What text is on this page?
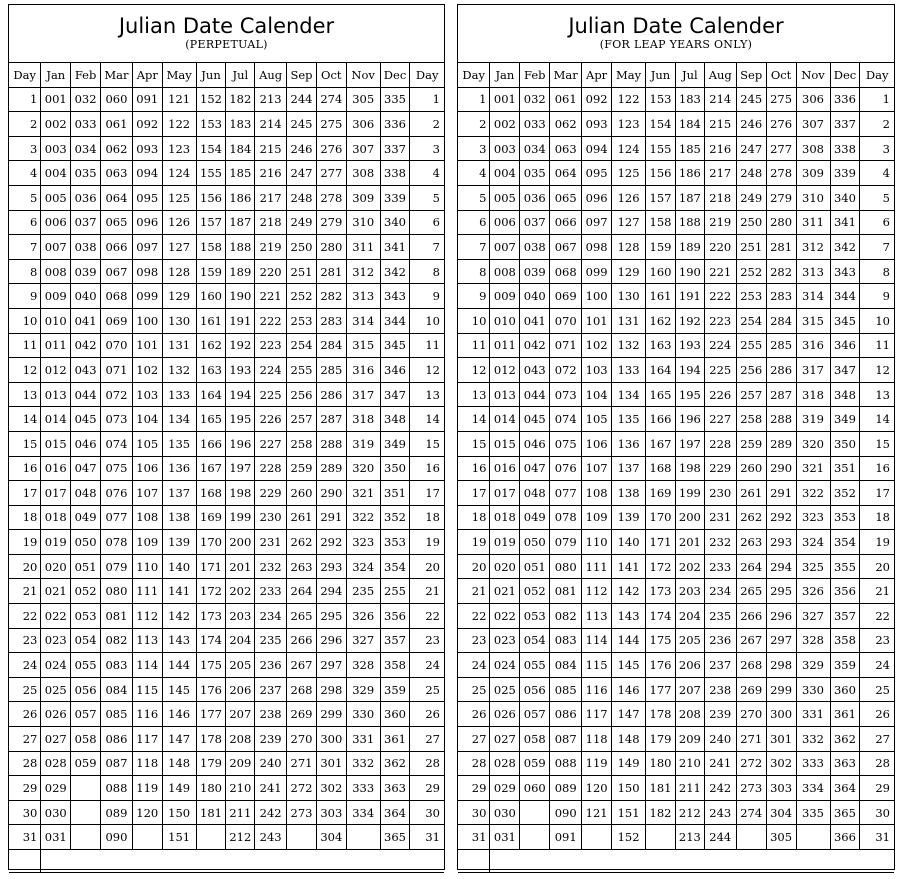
Julian Date Calender
(PERPETUAL)
Day	Jan	Feb	Mar	Apr	May	Jun	Jul	Aug	Sep	Oct	Nov	Dec	Day
1	001	032	060	091	121	152	182	213	244	274	305	335	1
2	002	033	061	092	122	153	183	214	245	275	306	336	2
3	003	034	062	093	123	154	184	215	246	276	307	337	3
4	004	035	063	094	124	155	185	216	247	277	308	338	4
5	005	036	064	095	125	156	186	217	248	278	309	339	5
6	006	037	065	096	126	157	187	218	249	279	310	340	6
7	007	038	066	097	127	158	188	219	250	280	311	341	7
8	008	039	067	098	128	159	189	220	251	281	312	342	8
9	009	040	068	099	129	160	190	221	252	282	313	343	9
10	010	041	069	100	130	161	191	222	253	283	314	344	10
11	011	042	070	101	131	162	192	223	254	284	315	345	11
12	012	043	071	102	132	163	193	224	255	285	316	346	12
13	013	044	072	103	133	164	194	225	256	286	317	347	13
14	014	045	073	104	134	165	195	226	257	287	318	348	14
15	015	046	074	105	135	166	196	227	258	288	319	349	15
16	016	047	075	106	136	167	197	228	259	289	320	350	16
17	017	048	076	107	137	168	198	229	260	290	321	351	17
18	018	049	077	108	138	169	199	230	261	291	322	352	18
19	019	050	078	109	139	170	200	231	262	292	323	353	19
20	020	051	079	110	140	171	201	232	263	293	324	354	20
21	021	052	080	111	141	172	202	233	264	294	235	255	21
22	022	053	081	112	142	173	203	234	265	295	326	356	22
23	023	054	082	113	143	174	204	235	266	296	327	357	23
24	024	055	083	114	144	175	205	236	267	297	328	358	24
25	025	056	084	115	145	176	206	237	268	298	329	359	25
26	026	057	085	116	146	177	207	238	269	299	330	360	26
27	027	058	086	117	147	178	208	239	270	300	331	361	27
28	028	059	087	118	148	179	209	240	271	301	332	362	28
29	029		088	119	149	180	210	241	272	302	333	363	29
30	030		089	120	150	181	211	242	273	303	334	364	30
31	031		090		151		212	243		304		365	31

Julian Date Calender
(FOR LEAP YEARS ONLY)
Day	Jan	Feb	Mar	Apr	May	Jun	Jul	Aug	Sep	Oct	Nov	Dec	Day
1	001	032	061	092	122	153	183	214	245	275	306	336	1
2	002	033	062	093	123	154	184	215	246	276	307	337	2
3	003	034	063	094	124	155	185	216	247	277	308	338	3
4	004	035	064	095	125	156	186	217	248	278	309	339	4
5	005	036	065	096	126	157	187	218	249	279	310	340	5
6	006	037	066	097	127	158	188	219	250	280	311	341	6
7	007	038	067	098	128	159	189	220	251	281	312	342	7
8	008	039	068	099	129	160	190	221	252	282	313	343	8
9	009	040	069	100	130	161	191	222	253	283	314	344	9
10	010	041	070	101	131	162	192	223	254	284	315	345	10
11	011	042	071	102	132	163	193	224	255	285	316	346	11
12	012	043	072	103	133	164	194	225	256	286	317	347	12
13	013	044	073	104	134	165	195	226	257	287	318	348	13
14	014	045	074	105	135	166	196	227	258	288	319	349	14
15	015	046	075	106	136	167	197	228	259	289	320	350	15
16	016	047	076	107	137	168	198	229	260	290	321	351	16
17	017	048	077	108	138	169	199	230	261	291	322	352	17
18	018	049	078	109	139	170	200	231	262	292	323	353	18
19	019	050	079	110	140	171	201	232	263	293	324	354	19
20	020	051	080	111	141	172	202	233	264	294	325	355	20
21	021	052	081	112	142	173	203	234	265	295	326	356	21
22	022	053	082	113	143	174	204	235	266	296	327	357	22
23	023	054	083	114	144	175	205	236	267	297	328	358	23
24	024	055	084	115	145	176	206	237	268	298	329	359	24
25	025	056	085	116	146	177	207	238	269	299	330	360	25
26	026	057	086	117	147	178	208	239	270	300	331	361	26
27	027	058	087	118	148	179	209	240	271	301	332	362	27
28	028	059	088	119	149	180	210	241	272	302	333	363	28
29	029	060	089	120	150	181	211	242	273	303	334	364	29
30	030		090	121	151	182	212	243	274	304	335	365	30
31	031		091		152		213	244		305		366	31
